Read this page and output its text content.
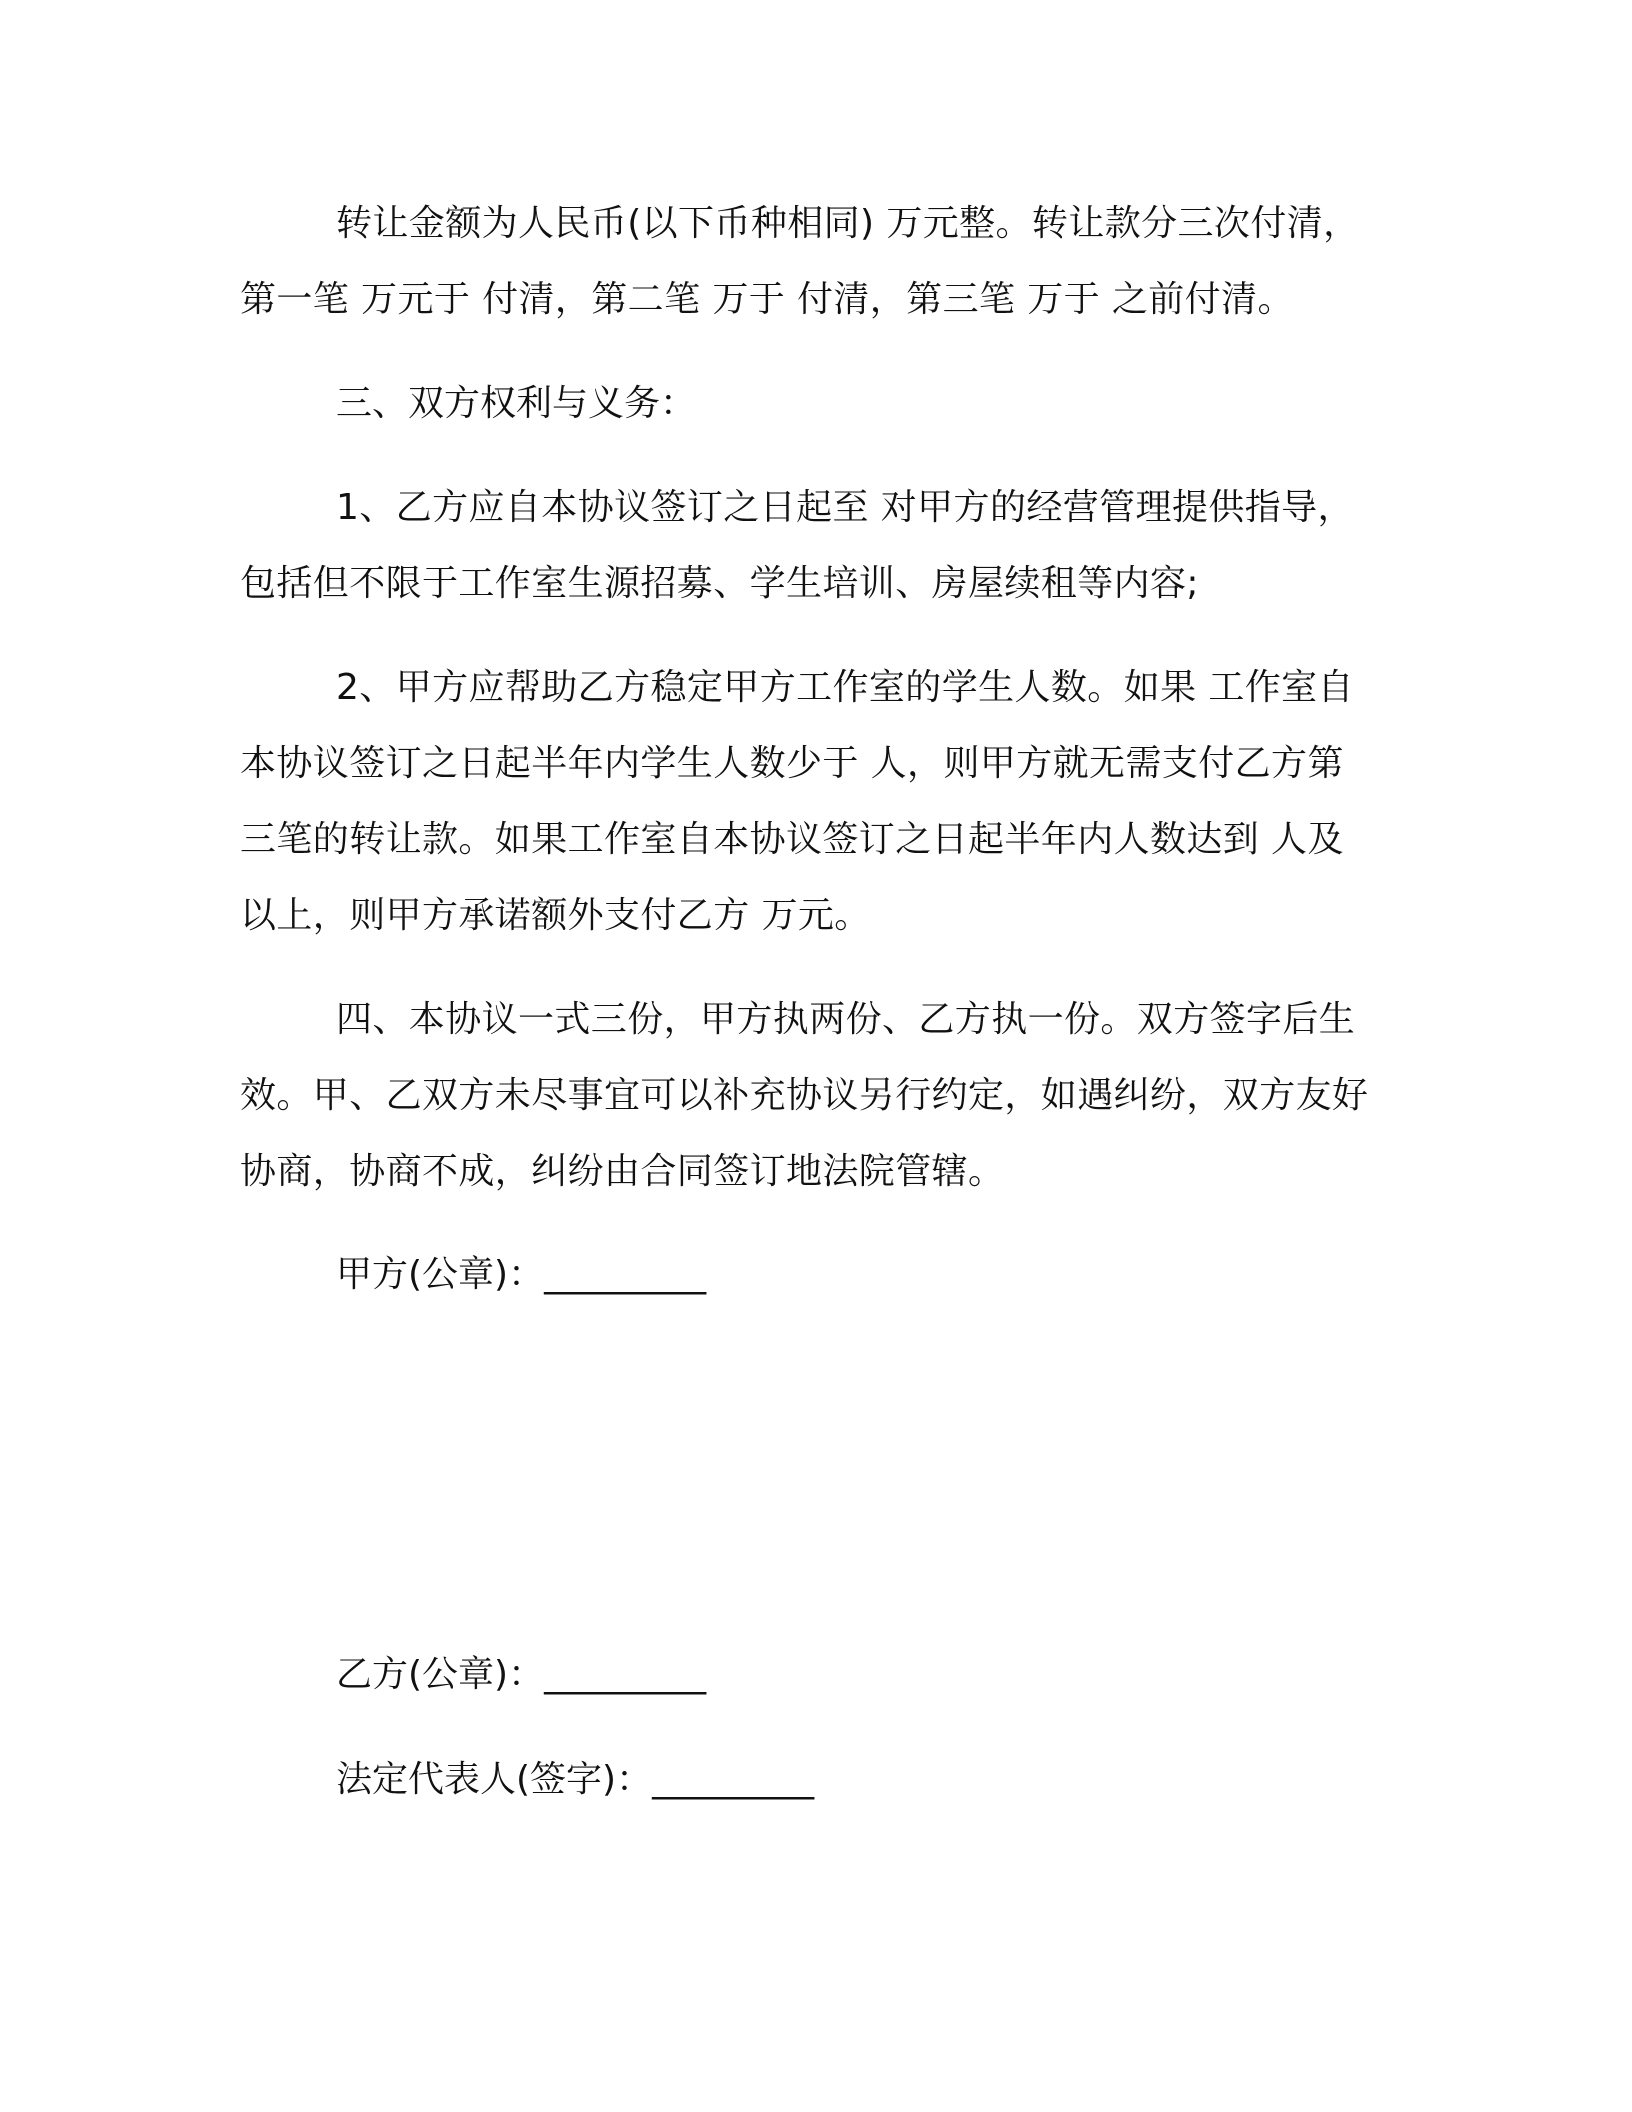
转让金额为人民币(以下币种相同) 万元整。转让款分三次付清，第一笔 万元于 付清，第二笔 万于 付清，第三笔 万于 之前付清。

三、双方权利与义务：

1、乙方应自本协议签订之日起至 对甲方的经营管理提供指导，包括但不限于工作室生源招募、学生培训、房屋续租等内容;

2、甲方应帮助乙方稳定甲方工作室的学生人数。如果 工作室自本协议签订之日起半年内学生人数少于 人，则甲方就无需支付乙方第三笔的转让款。如果工作室自本协议签订之日起半年内人数达到 人及以上，则甲方承诺额外支付乙方 万元。

四、本协议一式三份，甲方执两份、乙方执一份。双方签字后生效。甲、乙双方未尽事宜可以补充协议另行约定，如遇纠纷，双方友好协商，协商不成，纠纷由合同签订地法院管辖。

甲方(公章)：_________
乙方(公章)：_________
法定代表人(签字)：_________
